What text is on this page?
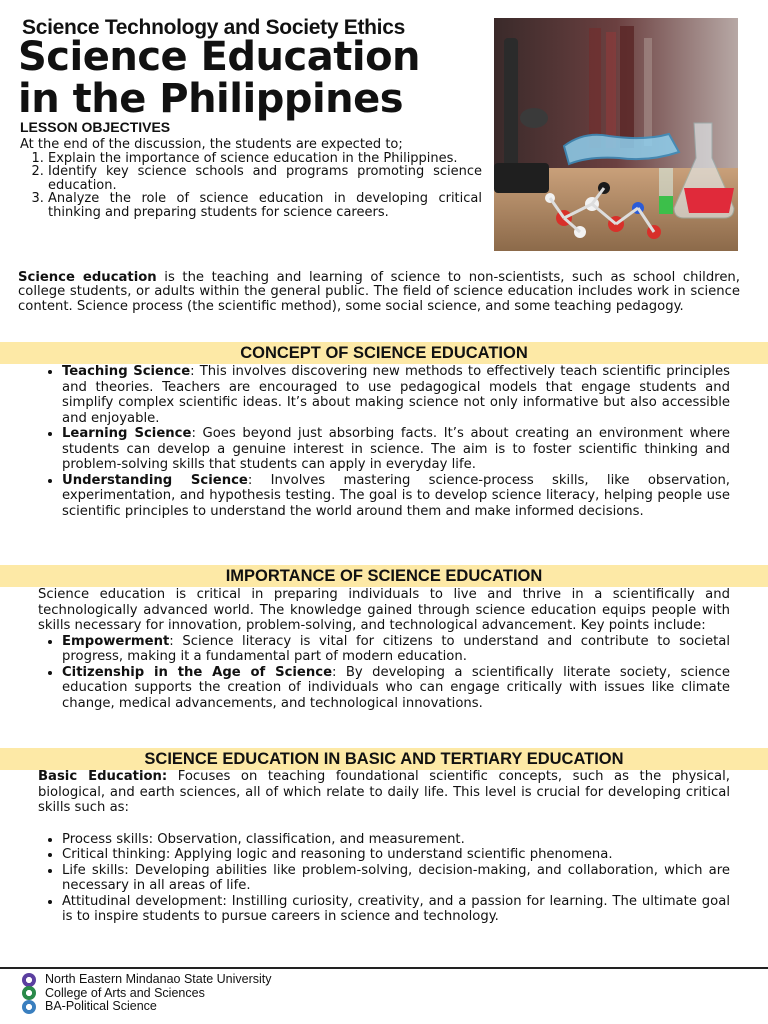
Science Technology and Society Ethics
Science Education
in the Philippines
LESSON OBJECTIVES

At the end of the discussion, the students are expected to;

1. Explain the importance of science education in the Philippines.
2. Identify key science schools and programs promoting science education.
3. Analyze the role of science education in developing critical thinking and preparing students for science careers.

Science education is the teaching and learning of science to non-scientists, such as school children, college students, or adults within the general public. The field of science education includes work in science content. Science process (the scientific method), some social science, and some teaching pedagogy.

CONCEPT OF SCIENCE EDUCATION
• Teaching Science: This involves discovering new methods to effectively teach scientific principles and theories. Teachers are encouraged to use pedagogical models that engage students and simplify complex scientific ideas. It’s about making science not only informative but also accessible and enjoyable.
• Learning Science: Goes beyond just absorbing facts. It’s about creating an environment where students can develop a genuine interest in science. The aim is to foster scientific thinking and problem-solving skills that students can apply in everyday life.
• Understanding Science: Involves mastering science-process skills, like observation, experimentation, and hypothesis testing. The goal is to develop science literacy, helping people use scientific principles to understand the world around them and make informed decisions.
IMPORTANCE OF SCIENCE EDUCATION

Science education is critical in preparing individuals to live and thrive in a scientifically and technologically advanced world. The knowledge gained through science education equips people with skills necessary for innovation, problem-solving, and technological advancement. Key points include:

• Empowerment: Science literacy is vital for citizens to understand and contribute to societal progress, making it a fundamental part of modern education.
• Citizenship in the Age of Science: By developing a scientifically literate society, science education supports the creation of individuals who can engage critically with issues like climate change, medical advancements, and technological innovations.
SCIENCE EDUCATION IN BASIC AND TERTIARY EDUCATION

Basic Education: Focuses on teaching foundational scientific concepts, such as the physical, biological, and earth sciences, all of which relate to daily life. This level is crucial for developing critical skills such as:

• Process skills: Observation, classification, and measurement.
• Critical thinking: Applying logic and reasoning to understand scientific phenomena.
• Life skills: Developing abilities like problem-solving, decision-making, and collaboration, which are necessary in all areas of life.
• Attitudinal development: Instilling curiosity, creativity, and a passion for learning. The ultimate goal is to inspire students to pursue careers in science and technology.
North Eastern Mindanao State University
College of Arts and Sciences
BA-Political Science
